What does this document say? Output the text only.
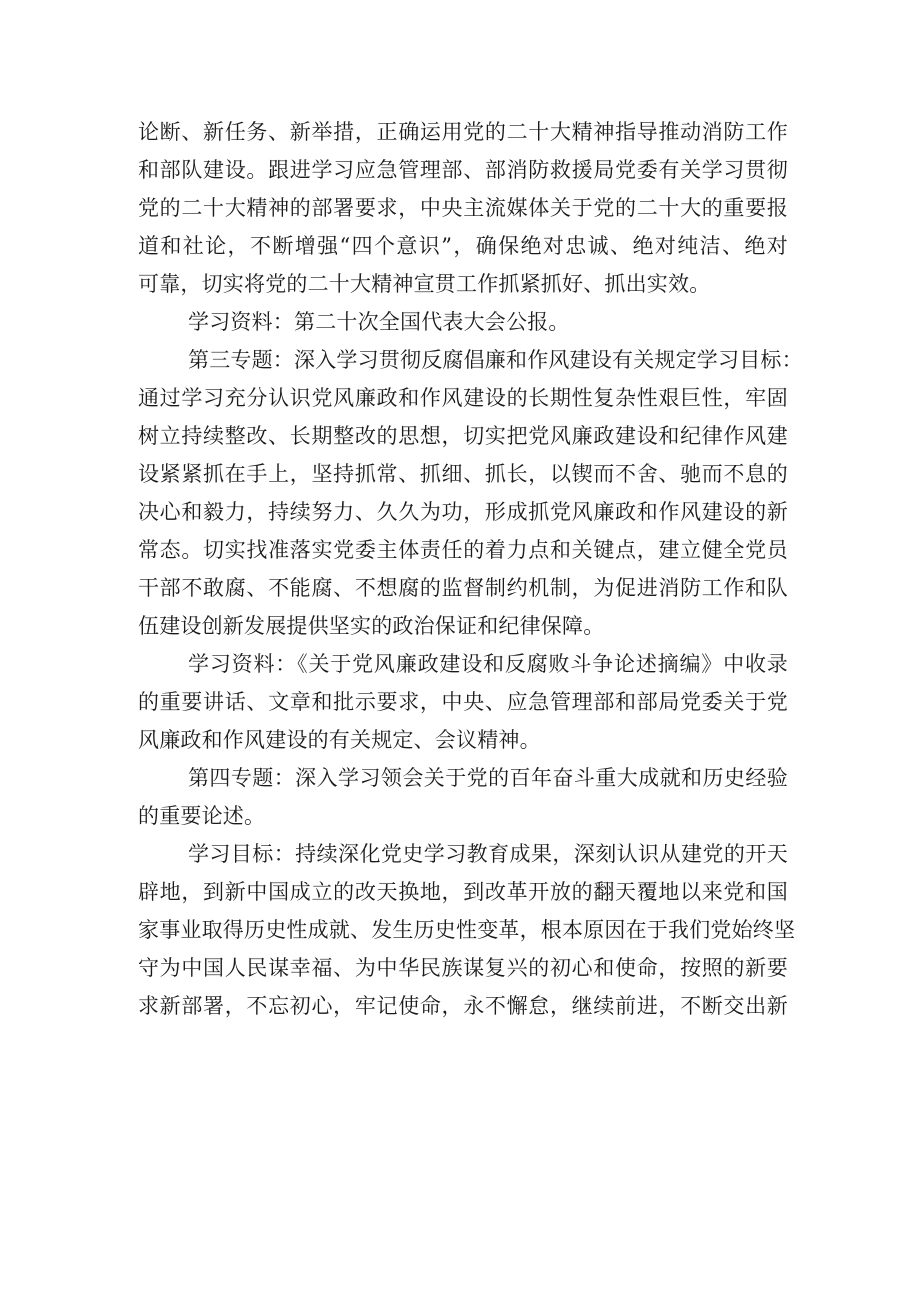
论断、新任务、新举措，正确运用党的二十大精神指导推动消防工作
和部队建设。跟进学习应急管理部、部消防救援局党委有关学习贯彻
党的二十大精神的部署要求，中央主流媒体关于党的二十大的重要报
道和社论，不断增强“四个意识”，确保绝对忠诚、绝对纯洁、绝对
可靠，切实将党的二十大精神宣贯工作抓紧抓好、抓出实效。
学习资料：第二十次全国代表大会公报。
第三专题：深入学习贯彻反腐倡廉和作风建设有关规定学习目标：
通过学习充分认识党风廉政和作风建设的长期性复杂性艰巨性，牢固
树立持续整改、长期整改的思想，切实把党风廉政建设和纪律作风建
设紧紧抓在手上，坚持抓常、抓细、抓长，以锲而不舍、驰而不息的
决心和毅力，持续努力、久久为功，形成抓党风廉政和作风建设的新
常态。切实找准落实党委主体责任的着力点和关键点，建立健全党员
干部不敢腐、不能腐、不想腐的监督制约机制，为促进消防工作和队
伍建设创新发展提供坚实的政治保证和纪律保障。
学习资料：《关于党风廉政建设和反腐败斗争论述摘编》中收录
的重要讲话、文章和批示要求，中央、应急管理部和部局党委关于党
风廉政和作风建设的有关规定、会议精神。
第四专题：深入学习领会关于党的百年奋斗重大成就和历史经验
的重要论述。
学习目标：持续深化党史学习教育成果，深刻认识从建党的开天
辟地，到新中国成立的改天换地，到改革开放的翻天覆地以来党和国
家事业取得历史性成就、发生历史性变革，根本原因在于我们党始终坚
守为中国人民谋幸福、为中华民族谋复兴的初心和使命，按照的新要
求新部署，不忘初心，牢记使命，永不懈怠，继续前进，不断交出新
